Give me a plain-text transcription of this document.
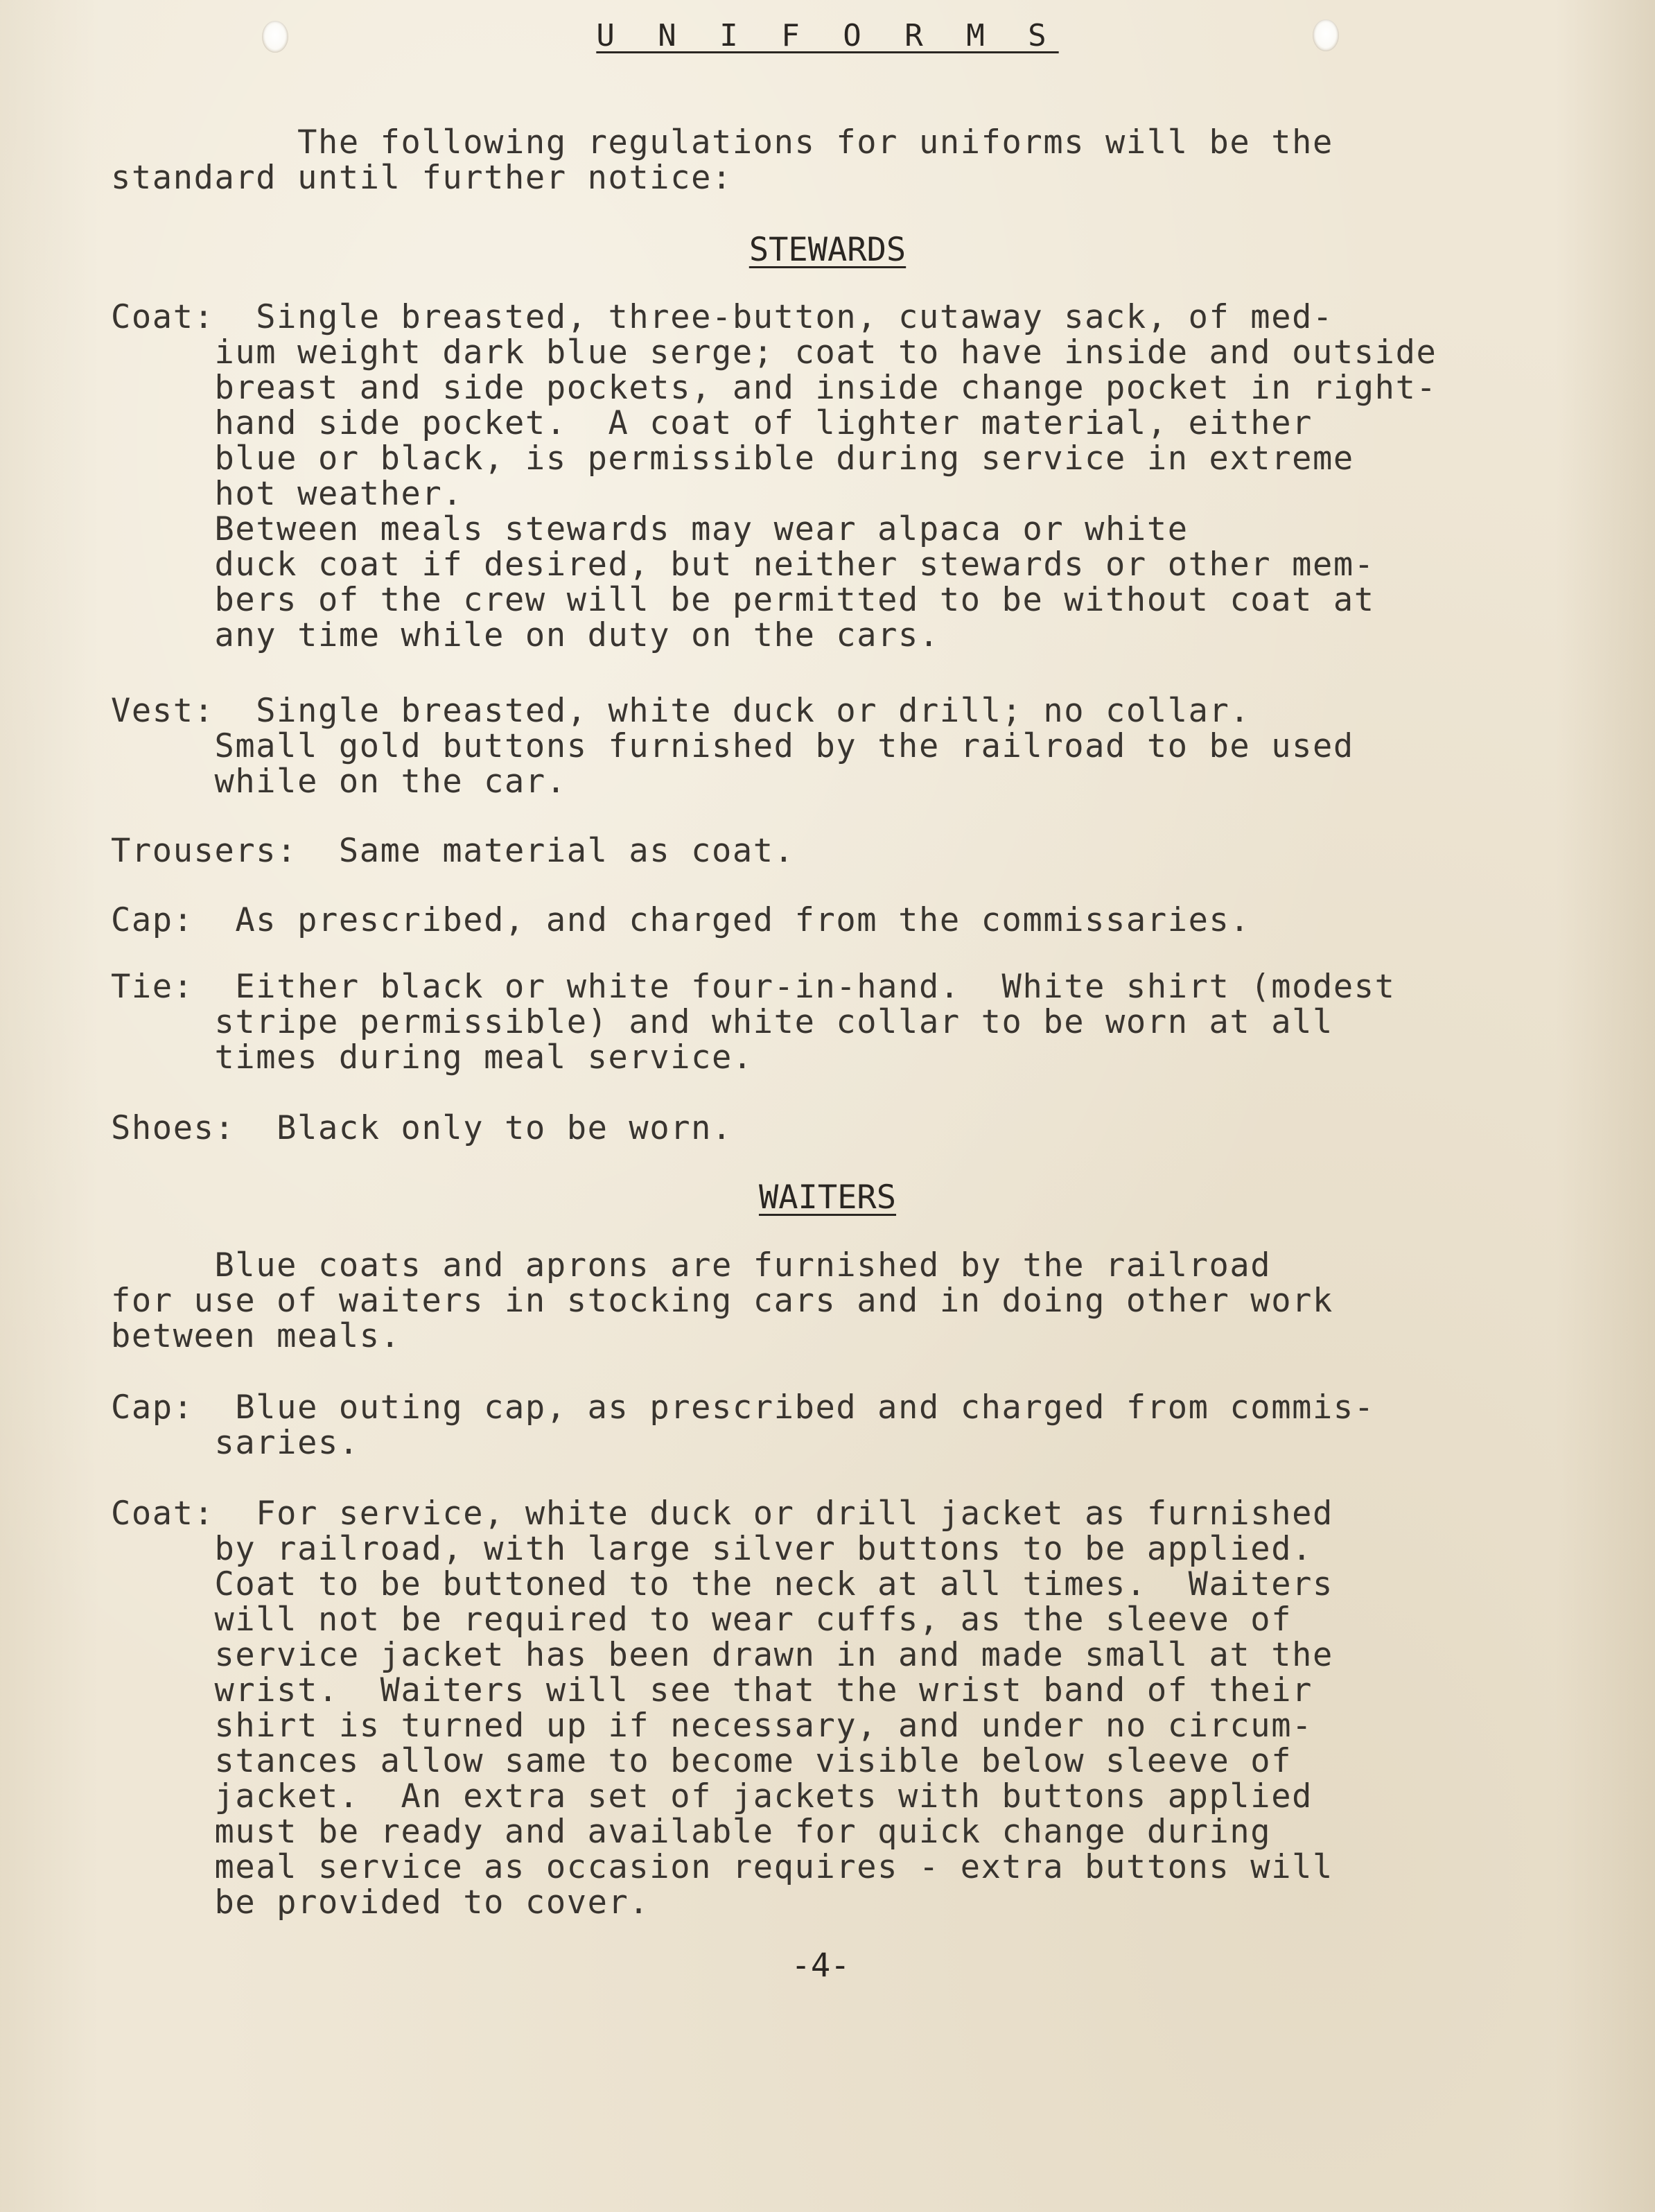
U N I F O R M S
The following regulations for uniforms will be the
standard until further notice:
STEWARDS
Coat:  Single breasted, three-button, cutaway sack, of med-
ium weight dark blue serge; coat to have inside and outside
breast and side pockets, and inside change pocket in right-
hand side pocket.  A coat of lighter material, either
blue or black, is permissible during service in extreme
hot weather.
Between meals stewards may wear alpaca or white
duck coat if desired, but neither stewards or other mem-
bers of the crew will be permitted to be without coat at
any time while on duty on the cars.
Vest:  Single breasted, white duck or drill; no collar.
Small gold buttons furnished by the railroad to be used
while on the car.
Trousers:  Same material as coat.
Cap:  As prescribed, and charged from the commissaries.
Tie:  Either black or white four-in-hand.  White shirt (modest
stripe permissible) and white collar to be worn at all
times during meal service.
Shoes:  Black only to be worn.
WAITERS
Blue coats and aprons are furnished by the railroad
for use of waiters in stocking cars and in doing other work
between meals.
Cap:  Blue outing cap, as prescribed and charged from commis-
saries.
Coat:  For service, white duck or drill jacket as furnished
by railroad, with large silver buttons to be applied.
Coat to be buttoned to the neck at all times.  Waiters
will not be required to wear cuffs, as the sleeve of
service jacket has been drawn in and made small at the
wrist.  Waiters will see that the wrist band of their
shirt is turned up if necessary, and under no circum-
stances allow same to become visible below sleeve of
jacket.  An extra set of jackets with buttons applied
must be ready and available for quick change during
meal service as occasion requires - extra buttons will
be provided to cover.
-4-
